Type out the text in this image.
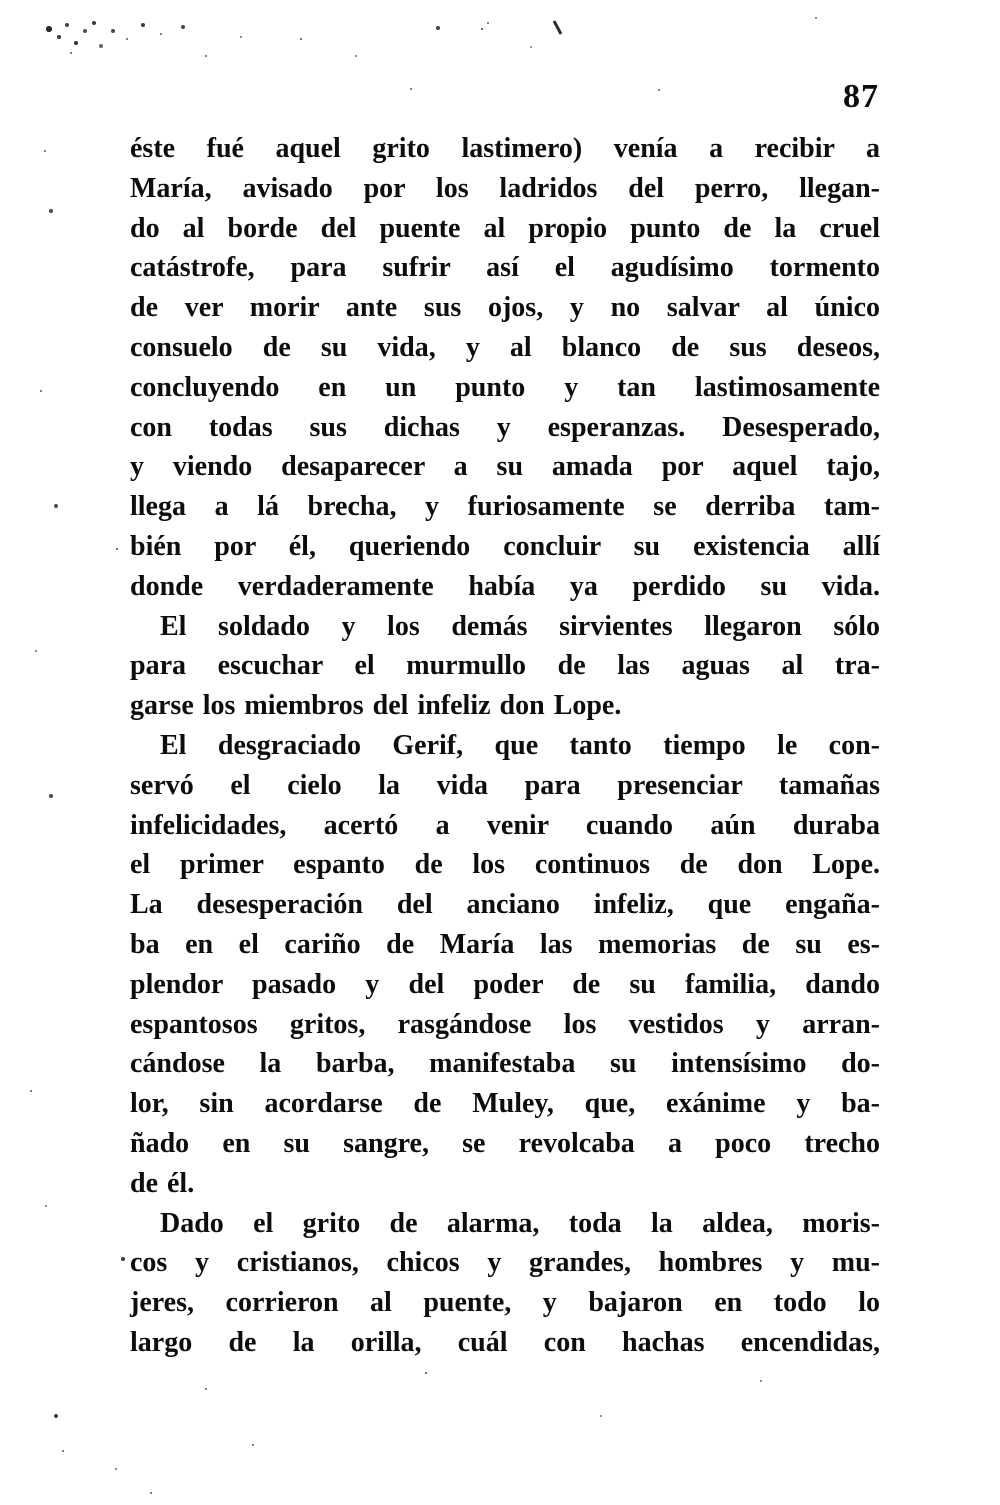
87
éste fué aquel grito lastimero) venía a recibir a
María, avisado por los ladridos del perro, llegan-
do al borde del puente al propio punto de la cruel
catástrofe, para sufrir así el agudísimo tormento
de ver morir ante sus ojos, y no salvar al único
consuelo de su vida, y al blanco de sus deseos,
concluyendo en un punto y tan lastimosamente
con todas sus dichas y esperanzas. Desesperado,
y viendo desaparecer a su amada por aquel tajo,
llega a lá brecha, y furiosamente se derriba tam-
bién por él, queriendo concluir su existencia allí
donde verdaderamente había ya perdido su vida.
El soldado y los demás sirvientes llegaron sólo
para escuchar el murmullo de las aguas al tra-
garse los miembros del infeliz don Lope.
El desgraciado Gerif, que tanto tiempo le con-
servó el cielo la vida para presenciar tamañas
infelicidades, acertó a venir cuando aún duraba
el primer espanto de los continuos de don Lope.
La desesperación del anciano infeliz, que engaña-
ba en el cariño de María las memorias de su es-
plendor pasado y del poder de su familia, dando
espantosos gritos, rasgándose los vestidos y arran-
cándose la barba, manifestaba su intensísimo do-
lor, sin acordarse de Muley, que, exánime y ba-
ñado en su sangre, se revolcaba a poco trecho
de él.
Dado el grito de alarma, toda la aldea, moris-
cos y cristianos, chicos y grandes, hombres y mu-
jeres, corrieron al puente, y bajaron en todo lo
largo de la orilla, cuál con hachas encendidas,
